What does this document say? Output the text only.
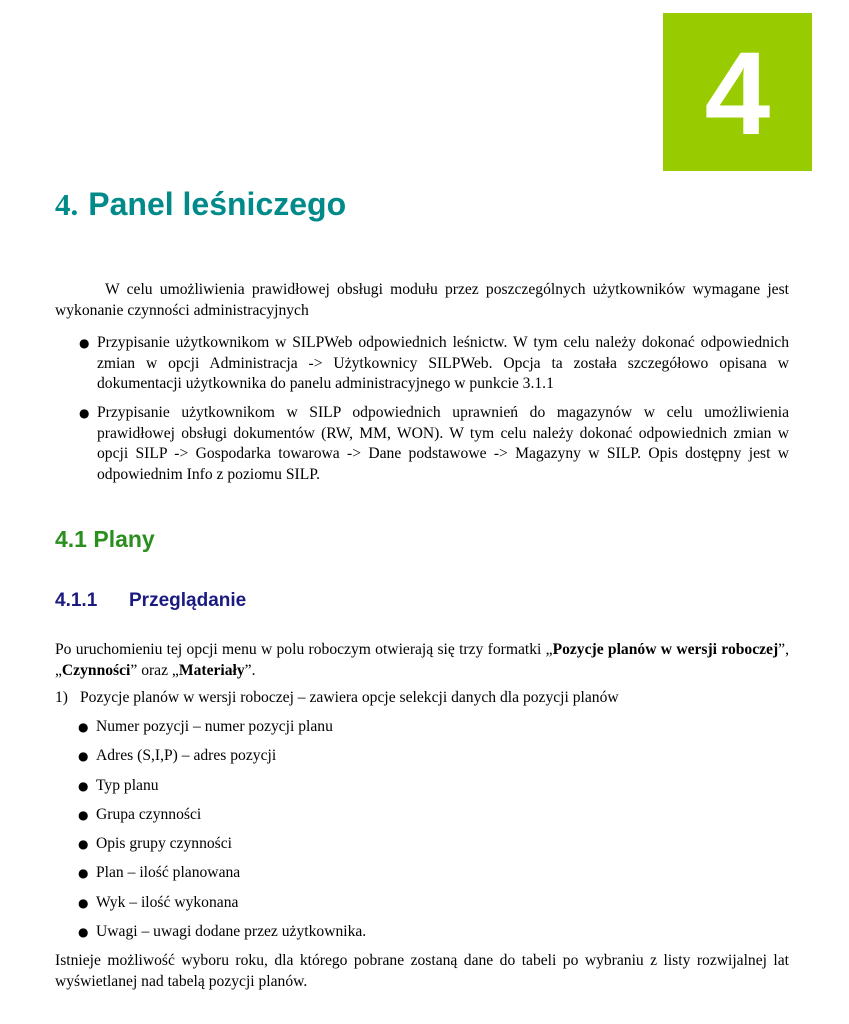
4
4. Panel leśniczego
W celu umożliwienia prawidłowej obsługi modułu przez poszczególnych użytkowników wymagane jest wykonanie czynności administracyjnych
● Przypisanie użytkownikom w SILPWeb odpowiednich leśnictw. W tym celu należy dokonać odpowiednich zmian w opcji Administracja -> Użytkownicy SILPWeb. Opcja ta została szczegółowo opisana w dokumentacji użytkownika do panelu administracyjnego w punkcie 3.1.1
● Przypisanie użytkownikom w SILP odpowiednich uprawnień do magazynów w celu umożliwienia prawidłowej obsługi dokumentów (RW, MM, WON). W tym celu należy dokonać odpowiednich zmian w opcji SILP -> Gospodarka towarowa -> Dane podstawowe -> Magazyny w SILP. Opis dostępny jest w odpowiednim Info z poziomu SILP.
4.1 Plany
4.1.1 Przeglądanie
Po uruchomieniu tej opcji menu w polu roboczym otwierają się trzy formatki „Pozycje planów w wersji roboczej”, „Czynności” oraz „Materiały”.
1) Pozycje planów w wersji roboczej – zawiera opcje selekcji danych dla pozycji planów
● Numer pozycji – numer pozycji planu
● Adres (S,I,P) – adres pozycji
● Typ planu
● Grupa czynności
● Opis grupy czynności
● Plan – ilość planowana
● Wyk – ilość wykonana
● Uwagi – uwagi dodane przez użytkownika.
Istnieje możliwość wyboru roku, dla którego pobrane zostaną dane do tabeli po wybraniu z listy rozwijalnej lat wyświetlanej nad tabelą pozycji planów.
